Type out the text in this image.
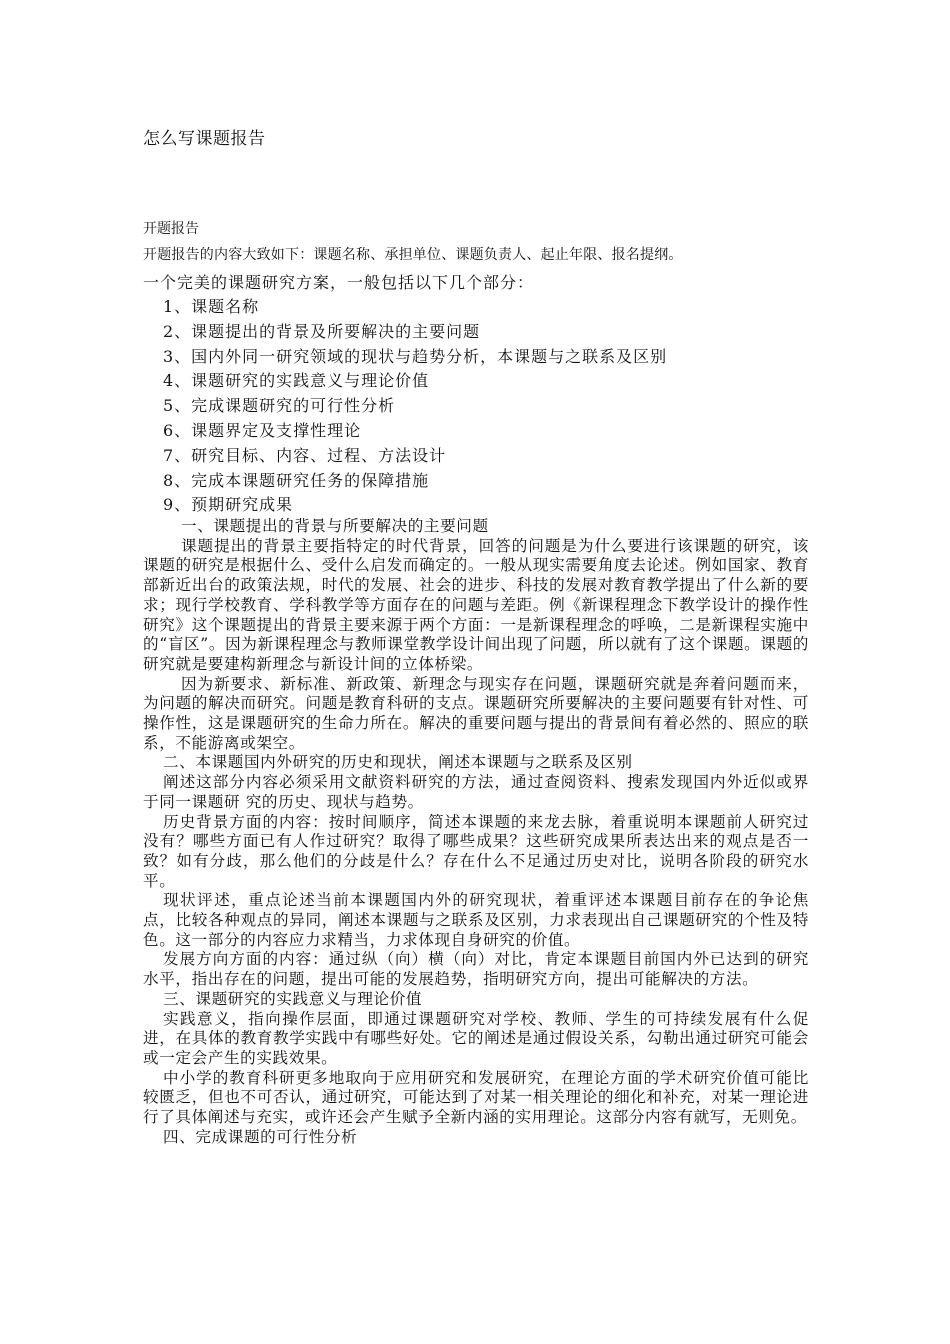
怎么写课题报告
开题报告
开题报告的内容大致如下：课题名称、承担单位、课题负责人、起止年限、报名提纲。
一个完美的课题研究方案，一般包括以下几个部分：
1、课题名称
2、课题提出的背景及所要解决的主要问题
3、国内外同一研究领域的现状与趋势分析，本课题与之联系及区别
4、课题研究的实践意义与理论价值
5、完成课题研究的可行性分析
6、课题界定及支撑性理论
7、研究目标、内容、过程、方法设计
8、完成本课题研究任务的保障措施
9、预期研究成果

一、课题提出的背景与所要解决的主要问题

课题提出的背景主要指特定的时代背景，回答的问题是为什么要进行该课题的研究，该课题的研究是根据什么、受什么启发而确定的。一般从现实需要角度去论述。例如国家、教育部新近出台的政策法规，时代的发展、社会的进步、科技的发展对教育教学提出了什么新的要求；现行学校教育、学科教学等方面存在的问题与差距。例《新课程理念下教学设计的操作性研究》这个课题提出的背景主要来源于两个方面：一是新课程理念的呼唤，二是新课程实施中的“盲区”。因为新课程理念与教师课堂教学设计间出现了问题，所以就有了这个课题。课题的研究就是要建构新理念与新设计间的立体桥梁。

因为新要求、新标准、新政策、新理念与现实存在问题，课题研究就是奔着问题而来，为问题的解决而研究。问题是教育科研的支点。课题研究所要解决的主要问题要有针对性、可操作性，这是课题研究的生命力所在。解决的重要问题与提出的背景间有着必然的、照应的联系，不能游离或架空。

二、本课题国内外研究的历史和现状，阐述本课题与之联系及区别

阐述这部分内容必须采用文献资料研究的方法，通过查阅资料、搜索发现国内外近似或界于同一课题研 究的历史、现状与趋势。

历史背景方面的内容：按时间顺序，简述本课题的来龙去脉，着重说明本课题前人研究过没有？哪些方面已有人作过研究？取得了哪些成果？这些研究成果所表达出来的观点是否一致？如有分歧，那么他们的分歧是什么？存在什么不足通过历史对比，说明各阶段的研究水平。

现状评述，重点论述当前本课题国内外的研究现状，着重评述本课题目前存在的争论焦点，比较各种观点的异同，阐述本课题与之联系及区别，力求表现出自己课题研究的个性及特色。这一部分的内容应力求精当，力求体现自身研究的价值。

发展方向方面的内容：通过纵（向）横（向）对比，肯定本课题目前国内外已达到的研究水平，指出存在的问题，提出可能的发展趋势，指明研究方向，提出可能解决的方法。

三、课题研究的实践意义与理论价值

实践意义，指向操作层面，即通过课题研究对学校、教师、学生的可持续发展有什么促进，在具体的教育教学实践中有哪些好处。它的阐述是通过假设关系，勾勒出通过研究可能会或一定会产生的实践效果。

中小学的教育科研更多地取向于应用研究和发展研究，在理论方面的学术研究价值可能比较匮乏，但也不可否认，通过研究，可能达到了对某一相关理论的细化和补充，对某一理论进行了具体阐述与充实，或许还会产生赋予全新内涵的实用理论。这部分内容有就写，无则免。

四、完成课题的可行性分析
